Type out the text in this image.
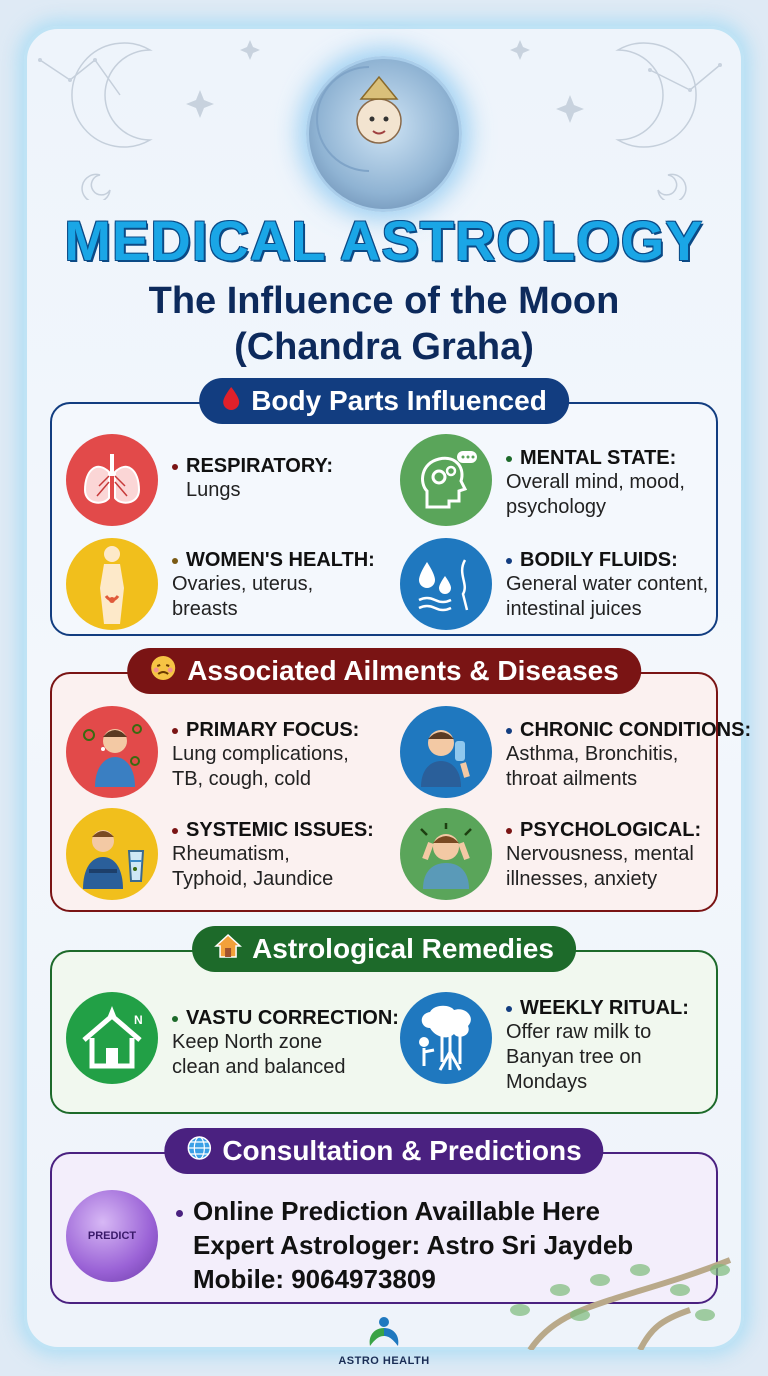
MEDICAL ASTROLOGY
The Influence of the Moon
(Chandra Graha)
Body Parts Influenced
RESPIRATORY:
Lungs
MENTAL STATE:
Overall mind, mood,
psychology
WOMEN'S HEALTH:
Ovaries, uterus,
breasts
BODILY FLUIDS:
General water content,
intestinal juices
Associated Ailments & Diseases
PRIMARY FOCUS:
Lung complications,
TB, cough, cold
CHRONIC CONDITIONS:
Asthma, Bronchitis,
throat ailments
SYSTEMIC ISSUES:
Rheumatism,
Typhoid, Jaundice
PSYCHOLOGICAL:
Nervousness, mental
illnesses, anxiety
Astrological Remedies
N	VASTU CORRECTION:
Keep North zone
clean and balanced
WEEKLY RITUAL:
Offer raw milk to
Banyan tree on
Mondays
Consultation & Predictions
PREDICT
Online Prediction Availlable Here
Expert Astrologer: Astro Sri Jaydeb
Mobile: 9064973809
ASTRO HEALTH
